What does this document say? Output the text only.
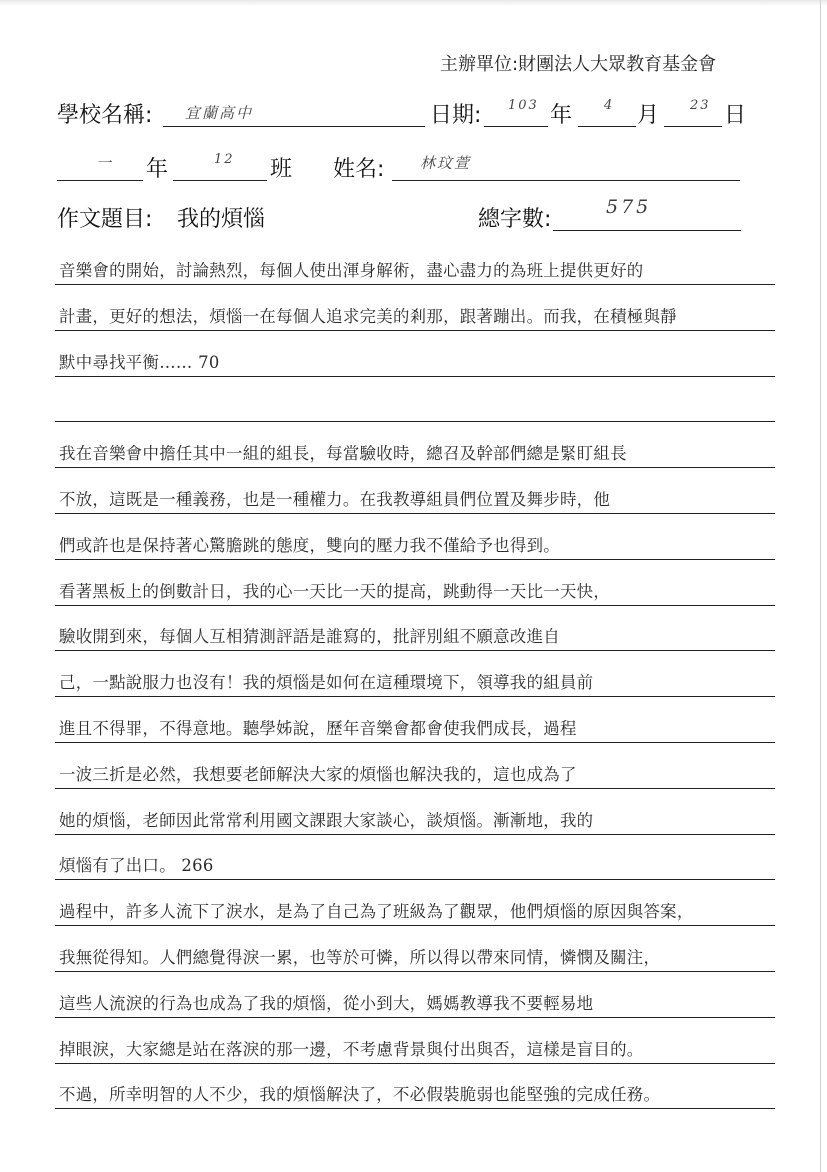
主辦單位:財團法人大眾教育基金會
學校名稱: 宜蘭高中	日期: 103 年 4 月 23 日
一 年	12 班 姓名: 林玟萱
作文題目: 我的煩惱	總字數:	575
音樂會的開始，討論熱烈，每個人使出渾身解術，盡心盡力的為班上提供更好的
計畫，更好的想法，煩惱一在每個人追求完美的剎那，跟著蹦出。而我，在積極與靜
默中尋找平衡…… 70
我在音樂會中擔任其中一組的組長，每當驗收時，總召及幹部們總是緊盯組長
不放，這既是一種義務，也是一種權力。在我教導組員們位置及舞步時，他
們或許也是保持著心驚膽跳的態度，雙向的壓力我不僅給予也得到。
看著黑板上的倒數計日，我的心一天比一天的提高，跳動得一天比一天快，
驗收開到來，每個人互相猜測評語是誰寫的，批評別組不願意改進自
己，一點說服力也沒有！我的煩惱是如何在這種環境下，領導我的組員前
進且不得罪，不得意地。聽學姊說，歷年音樂會都會使我們成長，過程
一波三折是必然，我想要老師解決大家的煩惱也解決我的，這也成為了
她的煩惱，老師因此常常利用國文課跟大家談心，談煩惱。漸漸地，我的
煩惱有了出口。 266
過程中，許多人流下了淚水，是為了自己為了班級為了觀眾，他們煩惱的原因與答案，
我無從得知。人們總覺得淚一累，也等於可憐，所以得以帶來同情，憐憫及關注，
這些人流淚的行為也成為了我的煩惱，從小到大，媽媽教導我不要輕易地
掉眼淚，大家總是站在落淚的那一邊，不考慮背景與付出與否，這樣是盲目的。
不過，所幸明智的人不少，我的煩惱解決了，不必假裝脆弱也能堅強的完成任務。
